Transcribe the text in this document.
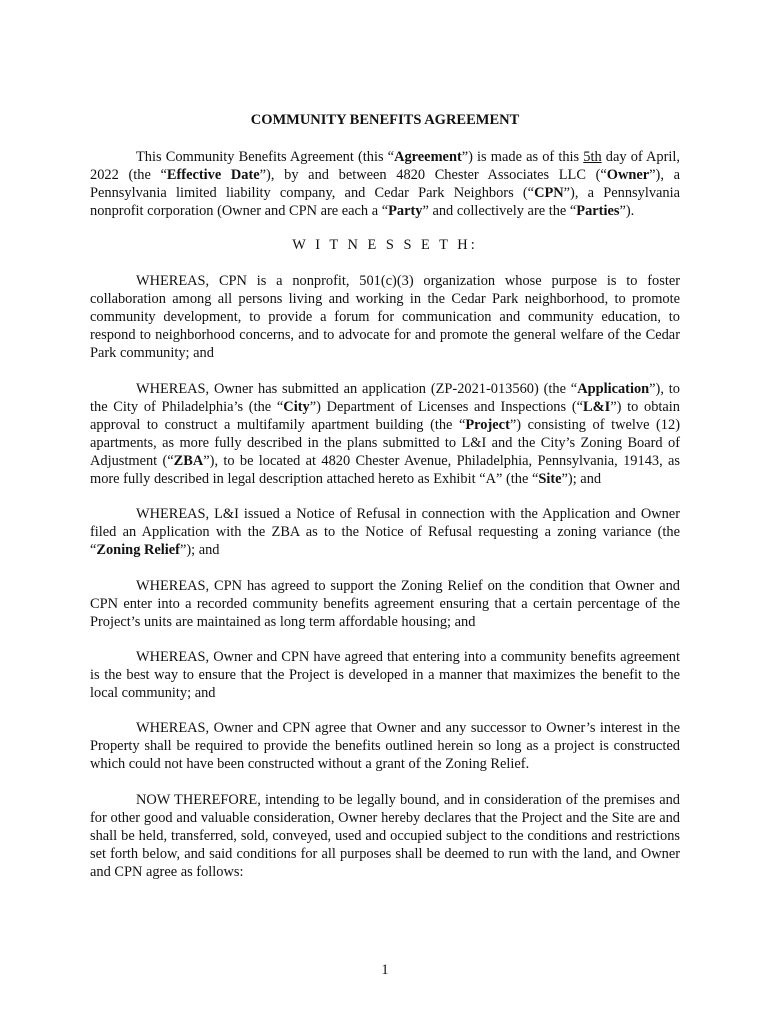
COMMUNITY BENEFITS AGREEMENT
This Community Benefits Agreement (this “Agreement”) is made as of this 5th day of April, 2022 (the “Effective Date”), by and between 4820 Chester Associates LLC (“Owner”), a Pennsylvania limited liability company, and Cedar Park Neighbors (“CPN”), a Pennsylvania nonprofit corporation (Owner and CPN are each a “Party” and collectively are the “Parties”).
W I T N E S S E T H:
WHEREAS, CPN is a nonprofit, 501(c)(3) organization whose purpose is to foster collaboration among all persons living and working in the Cedar Park neighborhood, to promote community development, to provide a forum for communication and community education, to respond to neighborhood concerns, and to advocate for and promote the general welfare of the Cedar Park community; and
WHEREAS, Owner has submitted an application (ZP-2021-013560) (the “Application”), to the City of Philadelphia’s (the “City”) Department of Licenses and Inspections (“L&I”) to obtain approval to construct a multifamily apartment building (the “Project”) consisting of twelve (12) apartments, as more fully described in the plans submitted to L&I and the City’s Zoning Board of Adjustment (“ZBA”), to be located at 4820 Chester Avenue, Philadelphia, Pennsylvania, 19143, as more fully described in legal description attached hereto as Exhibit “A” (the “Site”); and
WHEREAS, L&I issued a Notice of Refusal in connection with the Application and Owner filed an Application with the ZBA as to the Notice of Refusal requesting a zoning variance (the “Zoning Relief”); and
WHEREAS, CPN has agreed to support the Zoning Relief on the condition that Owner and CPN enter into a recorded community benefits agreement ensuring that a certain percentage of the Project’s units are maintained as long term affordable housing; and
WHEREAS, Owner and CPN have agreed that entering into a community benefits agreement is the best way to ensure that the Project is developed in a manner that maximizes the benefit to the local community; and
WHEREAS, Owner and CPN agree that Owner and any successor to Owner’s interest in the Property shall be required to provide the benefits outlined herein so long as a project is constructed which could not have been constructed without a grant of the Zoning Relief.
NOW THEREFORE, intending to be legally bound, and in consideration of the premises and for other good and valuable consideration, Owner hereby declares that the Project and the Site are and shall be held, transferred, sold, conveyed, used and occupied subject to the conditions and restrictions set forth below, and said conditions for all purposes shall be deemed to run with the land, and Owner and CPN agree as follows:
1
